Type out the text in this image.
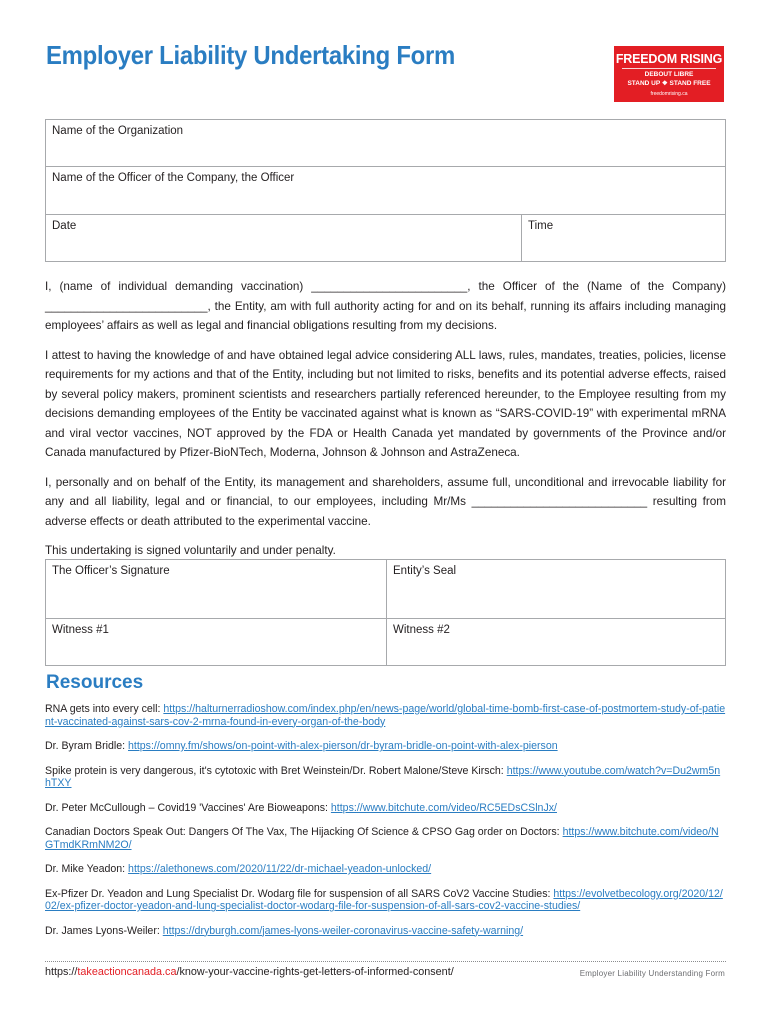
Employer Liability Undertaking Form	FREEDOM RISING
DEBOUT LIBRE
STAND UP ❖ STAND FREE
freedomrising.ca
Name of the Organization
Name of the Officer of the Company, the Officer
Date	Time

I, (name of individual demanding vaccination) ________________________, the Officer of the (Name of the Company) _________________________, the Entity, am with full authority acting for and on its behalf, running its affairs including managing employees’ affairs as well as legal and financial obligations resulting from my decisions.

I attest to having the knowledge of and have obtained legal advice considering ALL laws, rules, mandates, treaties, policies, license requirements for my actions and that of the Entity, including but not limited to risks, benefits and its potential adverse effects, raised by several policy makers, prominent scientists and researchers partially referenced hereunder, to the Employee resulting from my decisions demanding employees of the Entity be vaccinated against what is known as “SARS-COVID-19” with experimental mRNA and viral vector vaccines, NOT approved by the FDA or Health Canada yet mandated by governments of the Province and/or Canada manufactured by Pfizer-BioNTech, Moderna, Johnson & Johnson and AstraZeneca.

I, personally and on behalf of the Entity, its management and shareholders, assume full, unconditional and irrevocable liability for any and all liability, legal and or financial, to our employees, including Mr/Ms ___________________________ resulting from adverse effects or death attributed to the experimental vaccine.

This undertaking is signed voluntarily and under penalty.

The Officer’s Signature	Entity’s Seal
Witness #1	Witness #2
Resources
RNA gets into every cell: https://halturnerradioshow.com/index.php/en/news-page/world/global-time-bomb-first-case-of-postmortem-study-of-patient-vaccinated-against-sars-cov-2-mrna-found-in-every-organ-of-the-body
Dr. Byram Bridle: https://omny.fm/shows/on-point-with-alex-pierson/dr-byram-bridle-on-point-with-alex-pierson
Spike protein is very dangerous, it's cytotoxic with Bret Weinstein/Dr. Robert Malone/Steve Kirsch: https://www.youtube.com/watch?v=Du2wm5nhTXY
Dr. Peter McCullough – Covid19 'Vaccines' Are Bioweapons: https://www.bitchute.com/video/RC5EDsCSlnJx/
Canadian Doctors Speak Out: Dangers Of The Vax, The Hijacking Of Science & CPSO Gag order on Doctors: https://www.bitchute.com/video/NGTmdKRmNM2O/
Dr. Mike Yeadon: https://alethonews.com/2020/11/22/dr-michael-yeadon-unlocked/
Ex-Pfizer Dr. Yeadon and Lung Specialist Dr. Wodarg file for suspension of all SARS CoV2 Vaccine Studies: https://evolvetbecology.org/2020/12/02/ex-pfizer-doctor-yeadon-and-lung-specialist-doctor-wodarg-file-for-suspension-of-all-sars-cov2-vaccine-studies/
Dr. James Lyons-Weiler: https://dryburgh.com/james-lyons-weiler-coronavirus-vaccine-safety-warning/
https://takeactioncanada.ca/know-your-vaccine-rights-get-letters-of-informed-consent/	Employer Liability Understanding Form
